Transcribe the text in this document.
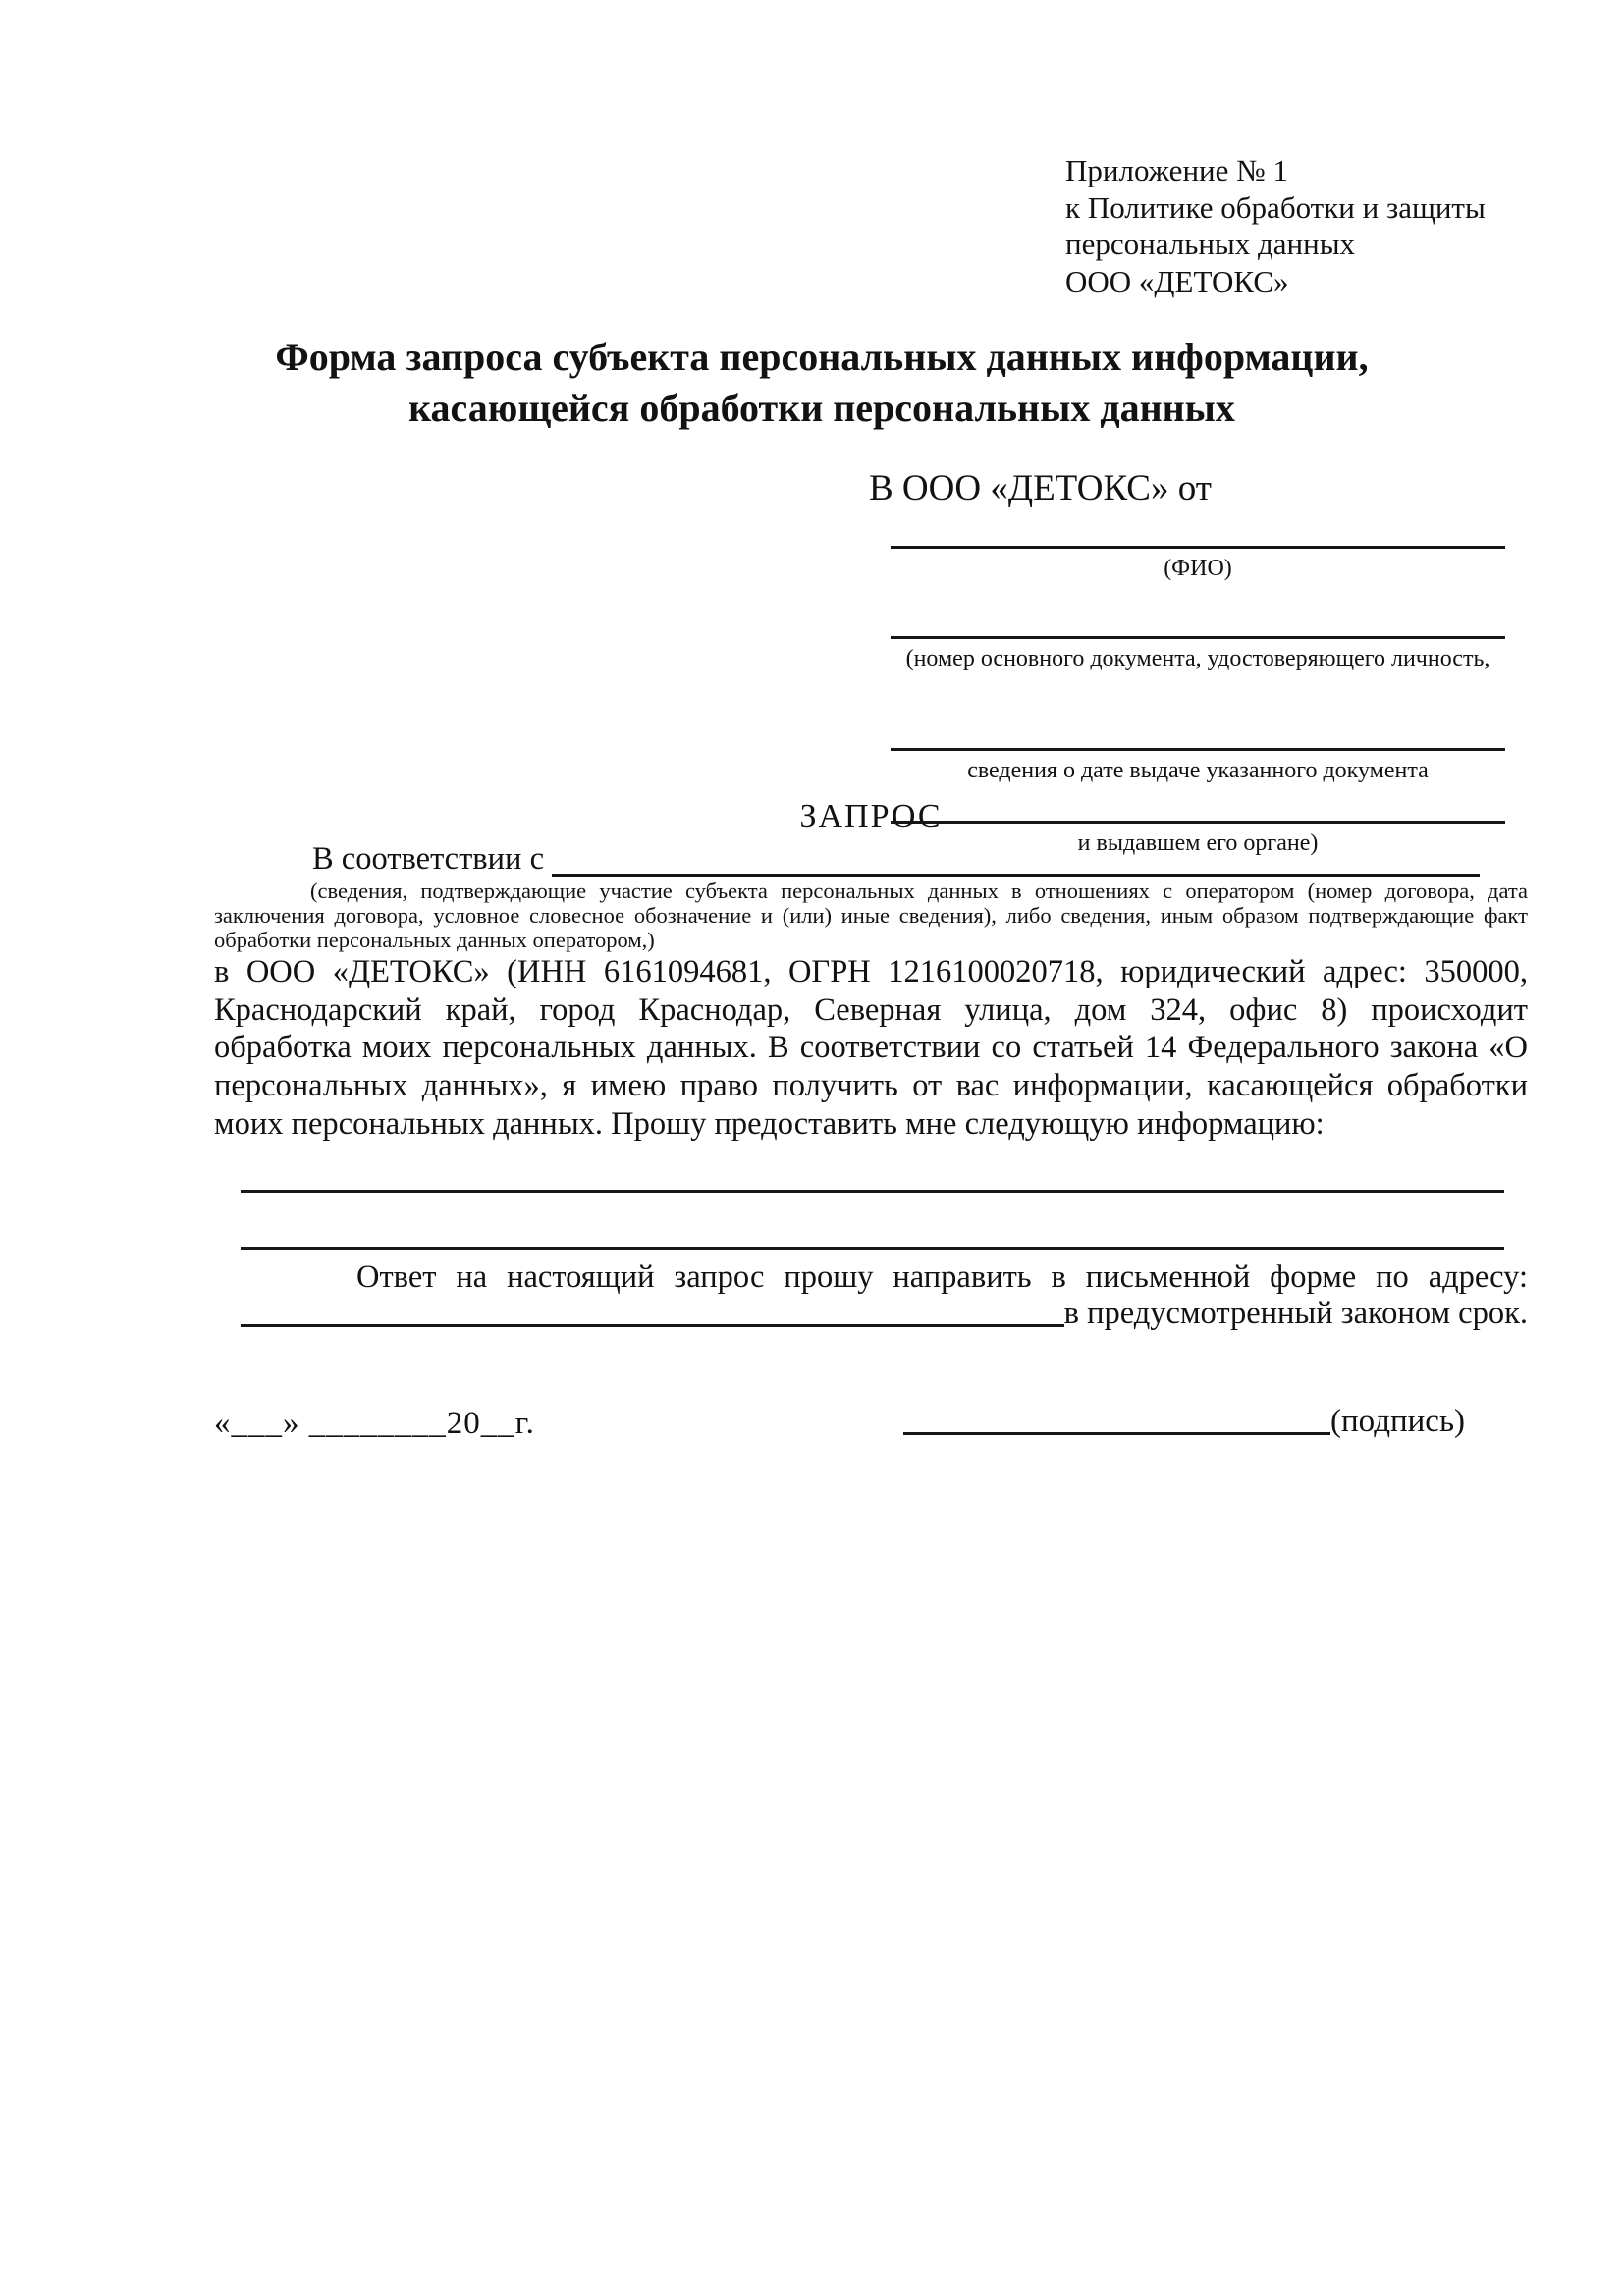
Приложение № 1
к Политике обработки и защиты
персональных данных
ООО «ДЕТОКС»
Форма запроса субъекта персональных данных информации,
касающейся обработки персональных данных
В ООО «ДЕТОКС» от
(ФИО)
(номер основного документа, удостоверяющего личность,
сведения о дате выдаче указанного документа
и выдавшем его органе)
ЗАПРОС
В соответствии с
(сведения, подтверждающие участие субъекта персональных данных в отношениях с оператором (номер договора, дата
заключения договора, условное словесное обозначение и (или) иные сведения), либо сведения, иным образом подтверждающие факт
обработки персональных данных оператором,)
в ООО «ДЕТОКС» (ИНН 6161094681, ОГРН 1216100020718, юридический адрес: 350000,
Краснодарский край, город Краснодар, Северная улица, дом 324, офис 8) происходит
обработка моих персональных данных. В соответствии со статьей 14 Федерального закона «О
персональных данных», я имею право получить от вас информации, касающейся обработки
моих персональных данных. Прошу предоставить мне следующую информацию:
Ответ на настоящий запрос прошу направить в письменной форме по адресу:
в предусмотренный законом срок.
«___» ________20__г.	(подпись)
